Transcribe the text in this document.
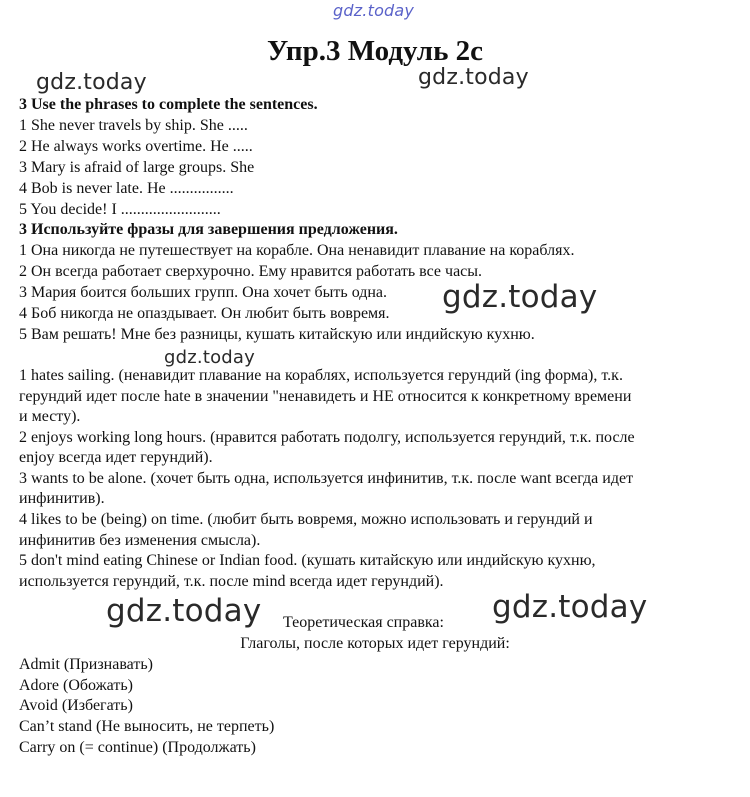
gdz.today
gdz.today	gdz.today
gdz.today
gdz.today
gdz.today	gdz.today
Упр.3 Модуль 2c
3 Use the phrases to complete the sentences.
1 She never travels by ship. She .....
2 He always works overtime. He .....
3 Mary is afraid of large groups. She
4 Bob is never late. He ................
5 You decide! I .........................
3 Используйте фразы для завершения предложения.
1 Она никогда не путешествует на корабле. Она ненавидит плавание на кораблях.
2 Он всегда работает сверхурочно. Ему нравится работать все часы.
3 Мария боится больших групп. Она хочет быть одна.
4 Боб никогда не опаздывает. Он любит быть вовремя.
5 Вам решать! Мне без разницы, кушать китайскую или индийскую кухню.
1 hates sailing. (ненавидит плавание на кораблях, используется герундий (ing форма), т.к.
герундий идет после hate в значении "ненавидеть и НЕ относится к конкретному времени
и месту).
2 enjoys working long hours. (нравится работать подолгу, используется герундий, т.к. после
enjoy всегда идет герундий).
3 wants to be alone. (хочет быть одна, используется инфинитив, т.к. после want всегда идет
инфинитив).
4 likes to be (being) on time. (любит быть вовремя, можно использовать и герундий и
инфинитив без изменения смысла).
5 don't mind eating Chinese or Indian food. (кушать китайскую или индийскую кухню,
используется герундий, т.к. после mind всегда идет герундий).
Теоретическая справка:
Глаголы, после которых идет герундий:
Admit (Признавать)
Adore (Обожать)
Avoid (Избегать)
Can’t stand (Не выносить, не терпеть)
Carry on (= continue) (Продолжать)
